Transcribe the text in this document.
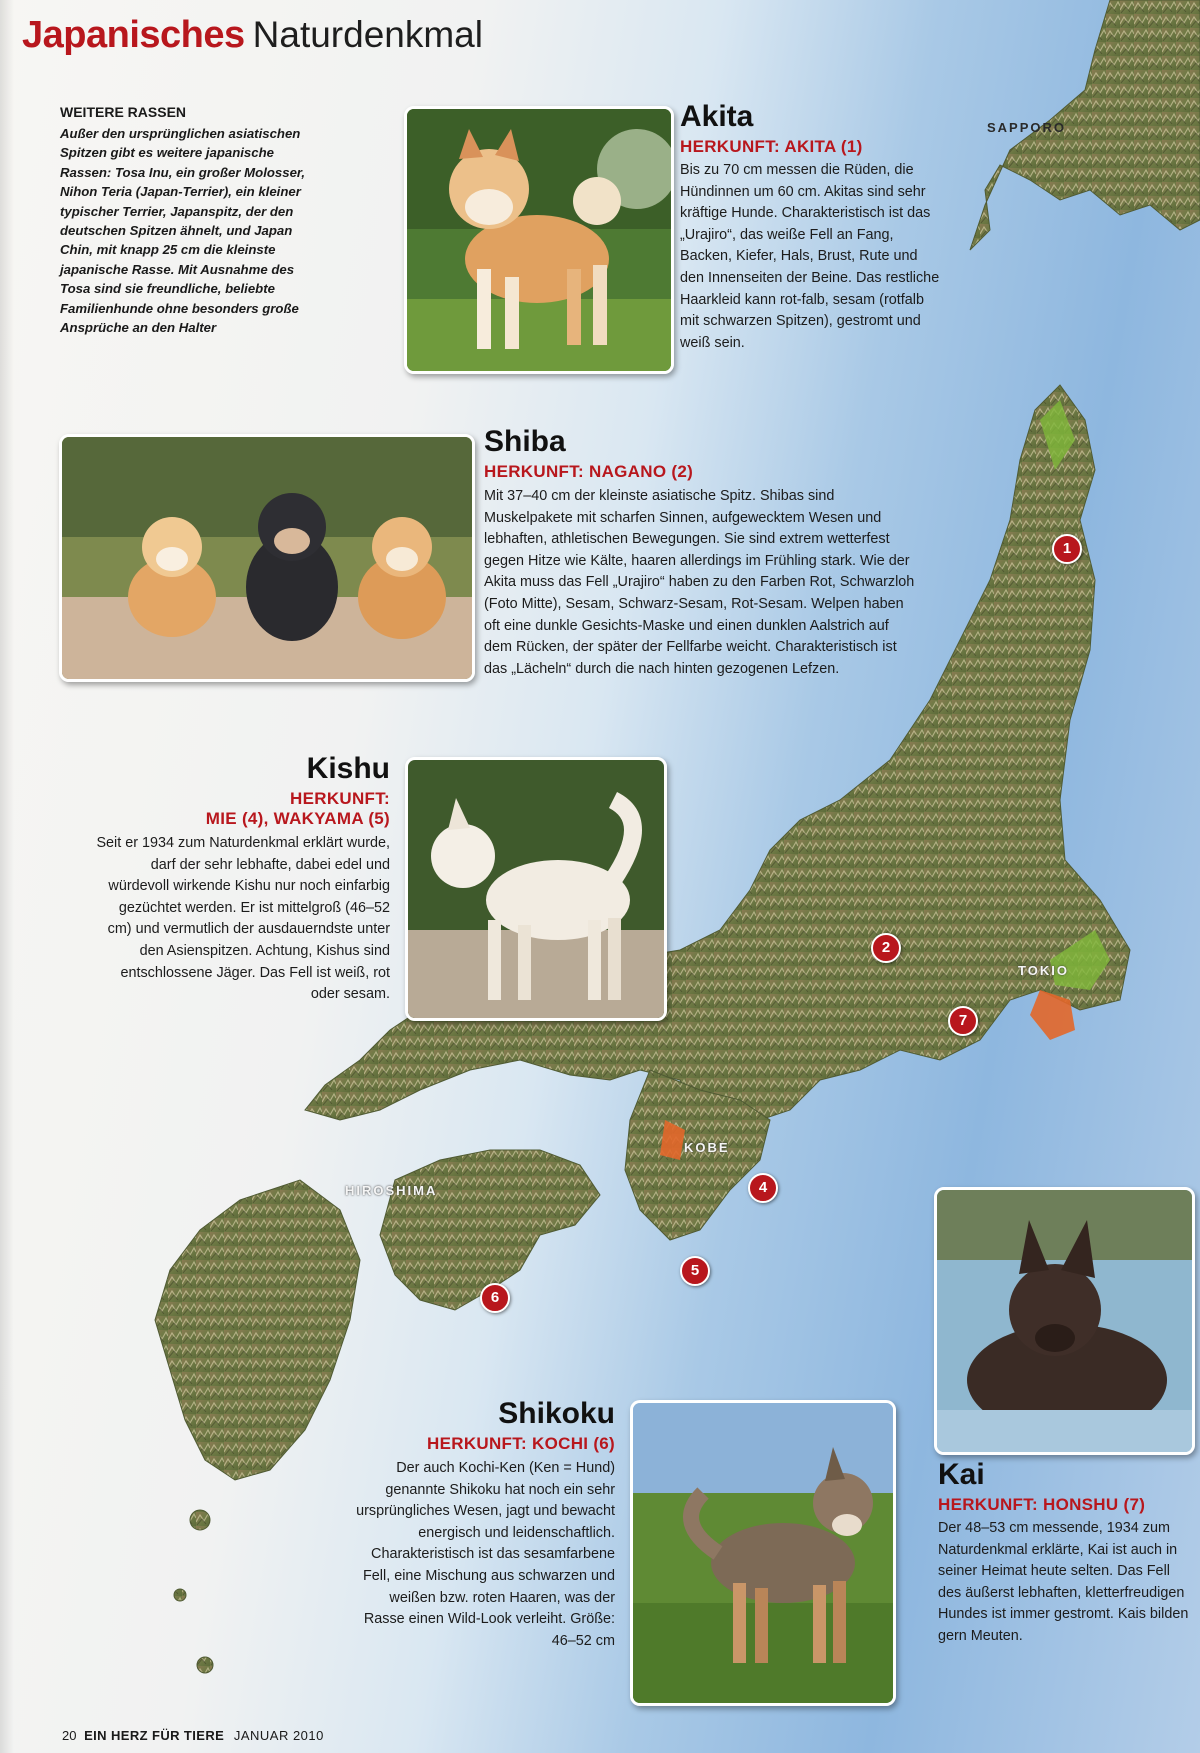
Japanisches Naturdenkmal
WEITERE RASSEN
Außer den ursprünglichen asiatischen Spitzen gibt es weitere japanische Rassen: Tosa Inu, ein großer Molosser, Nihon Teria (Japan-Terrier), ein kleiner typischer Terrier, Japanspitz, der den deutschen Spitzen ähnelt, und Japan Chin, mit knapp 25 cm die kleinste japanische Rasse. Mit Ausnahme des Tosa sind sie freundliche, beliebte Familienhunde ohne besonders große Ansprüche an den Halter
Akita
HERKUNFT: AKITA (1)
Bis zu 70 cm messen die Rüden, die Hündinnen um 60 cm. Akitas sind sehr kräftige Hunde. Charakteristisch ist das „Urajiro“, das weiße Fell an Fang, Backen, Kiefer, Hals, Brust, Rute und den Innenseiten der Beine. Das restliche Haarkleid kann rot-falb, sesam (rotfalb mit schwarzen Spitzen), gestromt und weiß sein.
Shiba
HERKUNFT: NAGANO (2)
Mit 37–40 cm der kleinste asiatische Spitz. Shibas sind Muskelpakete mit scharfen Sinnen, aufgewecktem Wesen und lebhaften, athletischen Bewegungen. Sie sind extrem wetterfest gegen Hitze wie Kälte, haaren allerdings im Frühling stark. Wie der Akita muss das Fell „Urajiro“ haben zu den Farben Rot, Schwarzloh (Foto Mitte), Sesam, Schwarz-Sesam, Rot-Sesam. Welpen haben oft eine dunkle Gesichts-Maske und einen dunklen Aalstrich auf dem Rücken, der später der Fellfarbe weicht. Charakteristisch ist das „Lächeln“ durch die nach hinten gezogenen Lefzen.
Kishu
HERKUNFT:
MIE (4), WAKYAMA (5)
Seit er 1934 zum Naturdenkmal erklärt wurde, darf der sehr lebhafte, dabei edel und würdevoll wirkende Kishu nur noch einfarbig gezüchtet werden. Er ist mittelgroß (46–52 cm) und vermutlich der ausdauerndste unter den Asienspitzen. Achtung, Kishus sind entschlossene Jäger. Das Fell ist weiß, rot oder sesam.
Kai
HERKUNFT: HONSHU (7)
Der 48–53 cm messende, 1934 zum Naturdenkmal erklärte, Kai ist auch in seiner Heimat heute selten. Das Fell des äußerst lebhaften, kletterfreudigen Hundes ist immer gestromt. Kais bilden gern Meuten.
Shikoku
HERKUNFT: KOCHI (6)
Der auch Kochi-Ken (Ken = Hund) genannte Shikoku hat noch ein sehr ursprüngliches Wesen, jagt und bewacht energisch und leidenschaftlich. Charakteristisch ist das sesamfarbene Fell, eine Mischung aus schwarzen und weißen bzw. roten Haaren, was der Rasse einen Wild-Look verleiht. Größe: 46–52 cm
SAPPORO
TOKIO
KOBE
HIROSHIMA
1
2
7
4
5
6
20 EIN HERZ FÜR TIERE JANUAR 2010
